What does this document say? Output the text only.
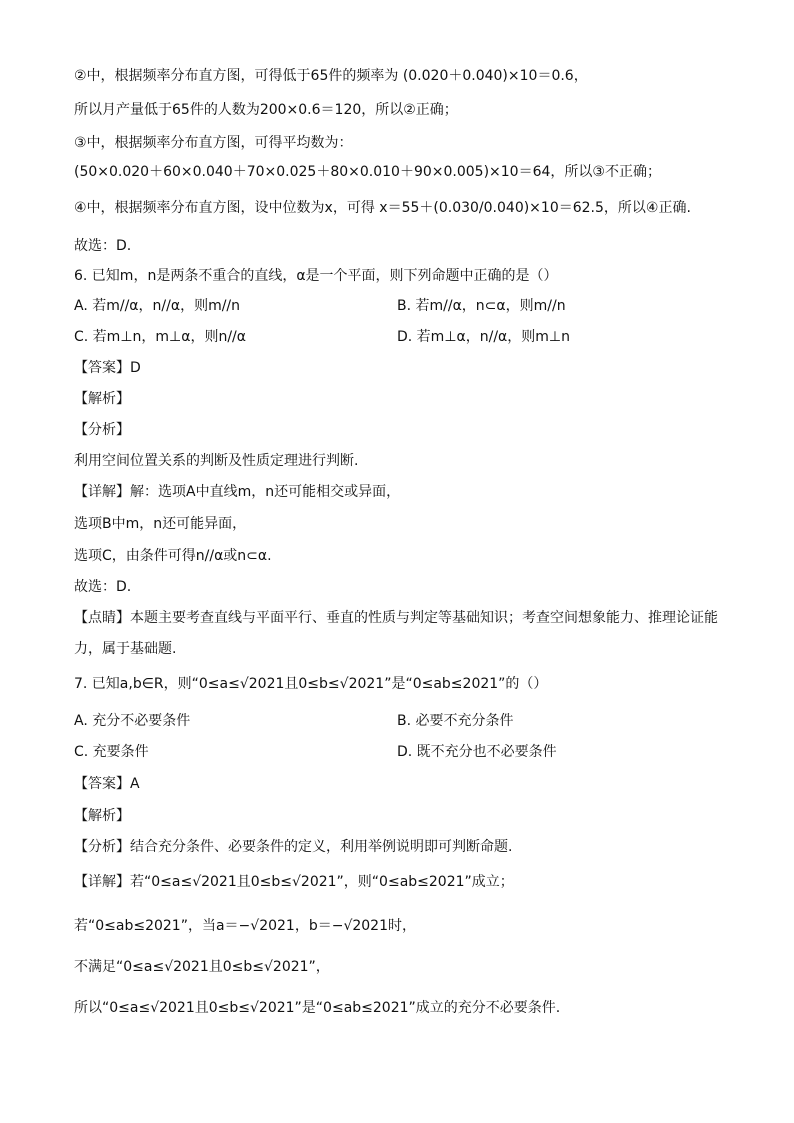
②中，根据频率分布直方图，可得低于65件的频率为 (0.020＋0.040)×10＝0.6，
所以月产量低于65件的人数为200×0.6＝120，所以②正确；
③中，根据频率分布直方图，可得平均数为：
(50×0.020＋60×0.040＋70×0.025＋80×0.010＋90×0.005)×10＝64，所以③不正确；
④中，根据频率分布直方图，设中位数为x，可得 x＝55＋(0.030/0.040)×10＝62.5，所以④正确.
故选：D.
6. 已知m，n是两条不重合的直线，α是一个平面，则下列命题中正确的是（）
A. 若m//α，n//α，则m//n	B. 若m//α，n⊂α，则m//n
C. 若m⊥n，m⊥α，则n//α	D. 若m⊥α，n//α，则m⊥n
【答案】D
【解析】
【分析】
利用空间位置关系的判断及性质定理进行判断.
【详解】解：选项A中直线m，n还可能相交或异面，
选项B中m，n还可能异面，
选项C，由条件可得n//α或n⊂α.
故选：D.
【点睛】本题主要考查直线与平面平行、垂直的性质与判定等基础知识；考查空间想象能力、推理论证能
力，属于基础题.
7. 已知a,b∈R，则“0≤a≤√2021且0≤b≤√2021”是“0≤ab≤2021”的（）
A. 充分不必要条件	B. 必要不充分条件
C. 充要条件	D. 既不充分也不必要条件
【答案】A
【解析】
【分析】结合充分条件、必要条件的定义，利用举例说明即可判断命题.
【详解】若“0≤a≤√2021且0≤b≤√2021”，则“0≤ab≤2021”成立；
若“0≤ab≤2021”，当a＝−√2021，b＝−√2021时，
不满足“0≤a≤√2021且0≤b≤√2021”，
所以“0≤a≤√2021且0≤b≤√2021”是“0≤ab≤2021”成立的充分不必要条件.
